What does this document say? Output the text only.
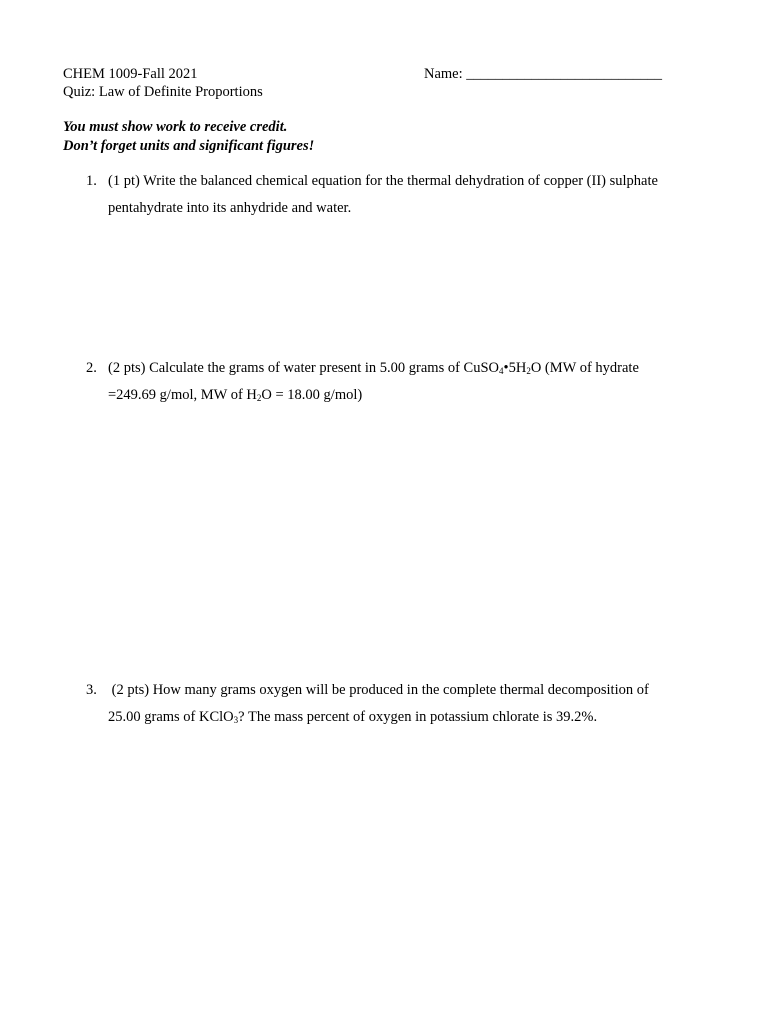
CHEM 1009-Fall 2021	Name: ___________________________
Quiz: Law of Definite Proportions
You must show work to receive credit.
Don’t forget units and significant figures!
1. (1 pt) Write the balanced chemical equation for the thermal dehydration of copper (II) sulphate
pentahydrate into its anhydride and water.
2. (2 pts) Calculate the grams of water present in 5.00 grams of $CuSO_4•5H_2O$ (MW of hydrate
=249.69 g/mol, MW of $H_2O = 18.00$ g/mol)
3. (2 pts) How many grams oxygen will be produced in the complete thermal decomposition of
25.00 grams of KClO$_3$? The mass percent of oxygen in potassium chlorate is 39.2%.
